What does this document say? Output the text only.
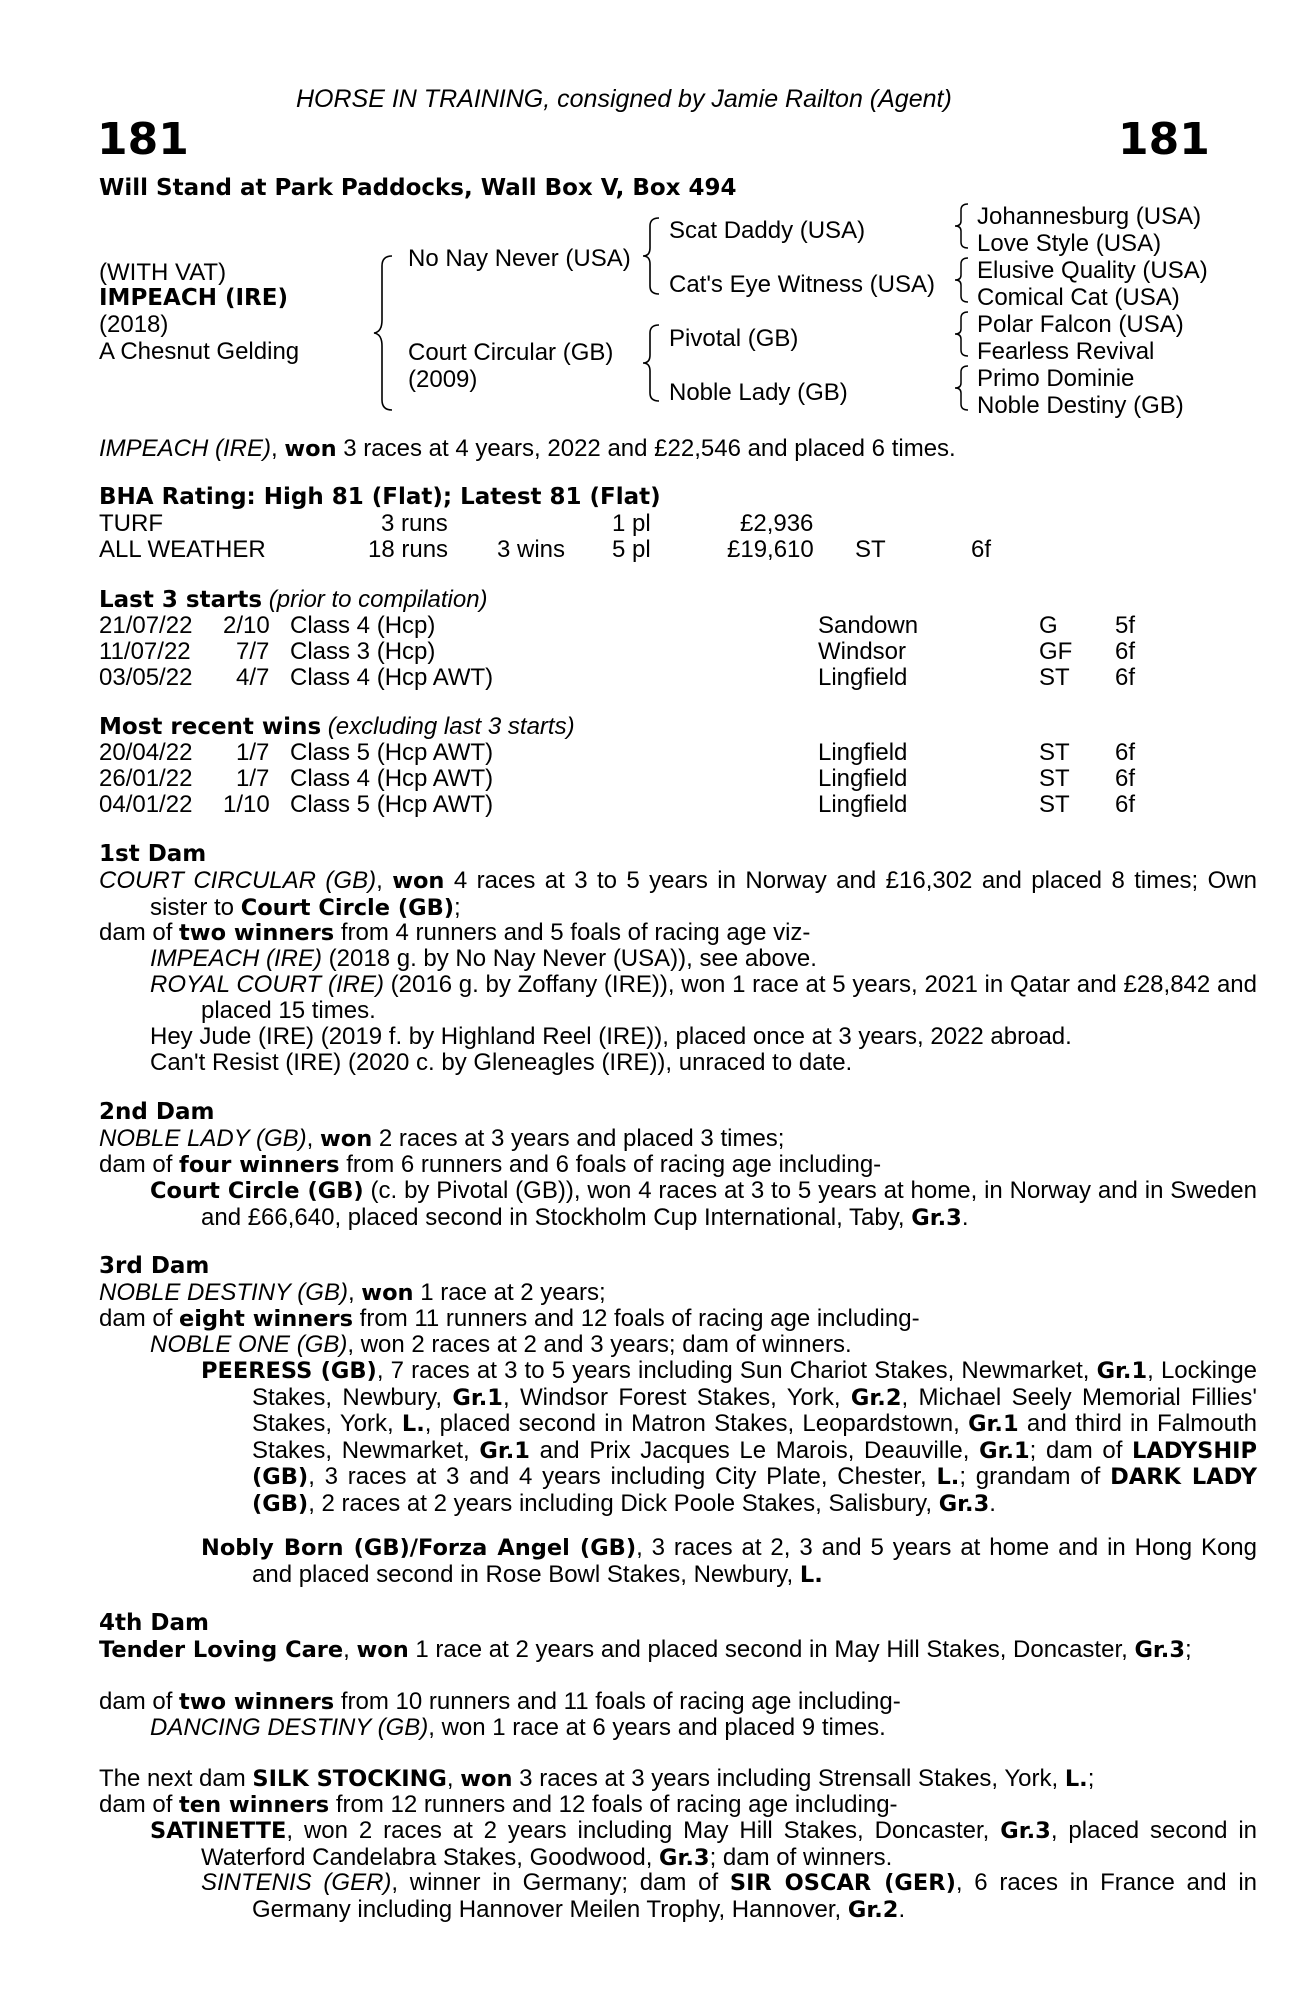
HORSE IN TRAINING, consigned by Jamie Railton (Agent)
181	181
Will Stand at Park Paddocks, Wall Box V, Box 494
(WITH VAT)
IMPEACH (IRE)
(2018)
A Chesnut Gelding
No Nay Never (USA)
Court Circular (GB)
(2009)
Scat Daddy (USA)
Cat's Eye Witness (USA)
Pivotal (GB)
Noble Lady (GB)
Johannesburg (USA)
Love Style (USA)
Elusive Quality (USA)
Comical Cat (USA)
Polar Falcon (USA)
Fearless Revival
Primo Dominie
Noble Destiny (GB)
IMPEACH (IRE), won 3 races at 4 years, 2022 and £22,546 and placed 6 times.
BHA Rating: High 81 (Flat); Latest 81 (Flat)
TURF	3 runs	1 pl	£2,936
ALL WEATHER	18 runs 3 wins 5 pl	£19,610 ST	6f
Last 3 starts (prior to compilation)
21/07/22 2/10 Class 4 (Hcp)	Sandown	G 5f
11/07/22 7/7 Class 3 (Hcp)	Windsor	GF 6f
03/05/22 4/7 Class 4 (Hcp AWT)	Lingfield	ST 6f
Most recent wins (excluding last 3 starts)
20/04/22 1/7 Class 5 (Hcp AWT)	Lingfield	ST 6f
26/01/22 1/7 Class 4 (Hcp AWT)	Lingfield	ST 6f
04/01/22 1/10 Class 5 (Hcp AWT)	Lingfield	ST 6f
1st Dam
COURT CIRCULAR (GB), won 4 races at 3 to 5 years in Norway and £16,302 and placed 8 times; Own sister to Court Circle (GB);
dam of two winners from 4 runners and 5 foals of racing age viz-
IMPEACH (IRE) (2018 g. by No Nay Never (USA)), see above.
ROYAL COURT (IRE) (2016 g. by Zoffany (IRE)), won 1 race at 5 years, 2021 in Qatar and £28,842 and placed 15 times.
Hey Jude (IRE) (2019 f. by Highland Reel (IRE)), placed once at 3 years, 2022 abroad.
Can't Resist (IRE) (2020 c. by Gleneagles (IRE)), unraced to date.
2nd Dam
NOBLE LADY (GB), won 2 races at 3 years and placed 3 times;
dam of four winners from 6 runners and 6 foals of racing age including-
Court Circle (GB) (c. by Pivotal (GB)), won 4 races at 3 to 5 years at home, in Norway and in Sweden and £66,640, placed second in Stockholm Cup International, Taby, Gr.3.
3rd Dam
NOBLE DESTINY (GB), won 1 race at 2 years;
dam of eight winners from 11 runners and 12 foals of racing age including-
NOBLE ONE (GB), won 2 races at 2 and 3 years; dam of winners.
PEERESS (GB), 7 races at 3 to 5 years including Sun Chariot Stakes, Newmarket, Gr.1, Lockinge Stakes, Newbury, Gr.1, Windsor Forest Stakes, York, Gr.2, Michael Seely Memorial Fillies' Stakes, York, L., placed second in Matron Stakes, Leopardstown, Gr.1 and third in Falmouth Stakes, Newmarket, Gr.1 and Prix Jacques Le Marois, Deauville, Gr.1; dam of LADYSHIP (GB), 3 races at 3 and 4 years including City Plate, Chester, L.; grandam of DARK LADY (GB), 2 races at 2 years including Dick Poole Stakes, Salisbury, Gr.3.
Nobly Born (GB)/Forza Angel (GB), 3 races at 2, 3 and 5 years at home and in Hong Kong and placed second in Rose Bowl Stakes, Newbury, L.
4th Dam
Tender Loving Care, won 1 race at 2 years and placed second in May Hill Stakes, Doncaster, Gr.3;
dam of two winners from 10 runners and 11 foals of racing age including-
DANCING DESTINY (GB), won 1 race at 6 years and placed 9 times.
The next dam SILK STOCKING, won 3 races at 3 years including Strensall Stakes, York, L.;
dam of ten winners from 12 runners and 12 foals of racing age including-
SATINETTE, won 2 races at 2 years including May Hill Stakes, Doncaster, Gr.3, placed second in Waterford Candelabra Stakes, Goodwood, Gr.3; dam of winners.
SINTENIS (GER), winner in Germany; dam of SIR OSCAR (GER), 6 races in France and in Germany including Hannover Meilen Trophy, Hannover, Gr.2.
